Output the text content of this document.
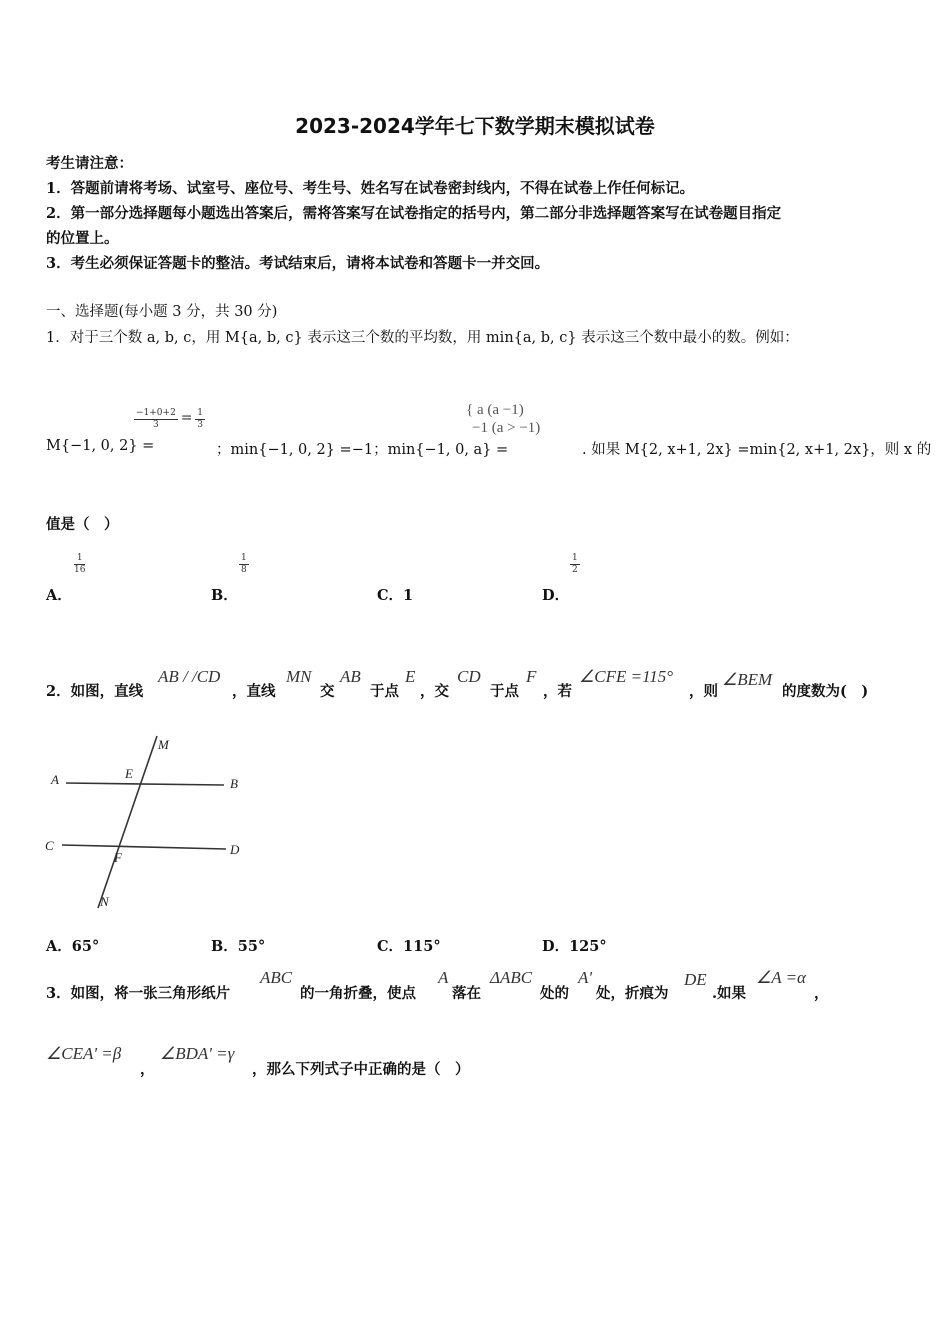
2023-2024学年七下数学期末模拟试卷
考生请注意：
1．答题前请将考场、试室号、座位号、考生号、姓名写在试卷密封线内，不得在试卷上作任何标记。
2．第一部分选择题每小题选出答案后，需将答案写在试卷指定的括号内，第二部分非选择题答案写在试卷题目指定
的位置上。
3．考生必须保证答题卡的整洁。考试结束后，请将本试卷和答题卡一并交回。
一、选择题(每小题 3 分，共 30 分)
1．对于三个数 a, b, c，用 M{a, b, c} 表示这三个数的平均数，用 min{a, b, c} 表示这三个数中最小的数。例如：
M{−1, 0, 2} =
$\frac{-1+0+2}{3} = \frac{1}{3}$
；min{−1, 0, 2} =−1；min{−1, 0, a} =
{ a (a −1)
−1 (a > −1)
. 如果 M{2, x+1, 2x} =min{2, x+1, 2x}，则 x 的
值是（　）
$\frac{1}{16}$
A．
$\frac{1}{8}$
B．	C．1
$\frac{1}{2}$
D．
2．如图，直线
AB / /CD
，直线
MN
交
AB
于点
E
，交
CD
于点
F
，若
∠CFE =115°
，则
∠BEM
的度数为(　)
A	B
C	D
E
F
M
N
A．65°	B．55°	C．115°	D．125°
3．如图，将一张三角形纸片
ABC
的一角折叠，使点
A
落在
ΔABC
处的
A'
处，折痕为
DE
.如果
∠A =α
，
∠CEA' =β
，
∠BDA' =γ
，那么下列式子中正确的是（　）
